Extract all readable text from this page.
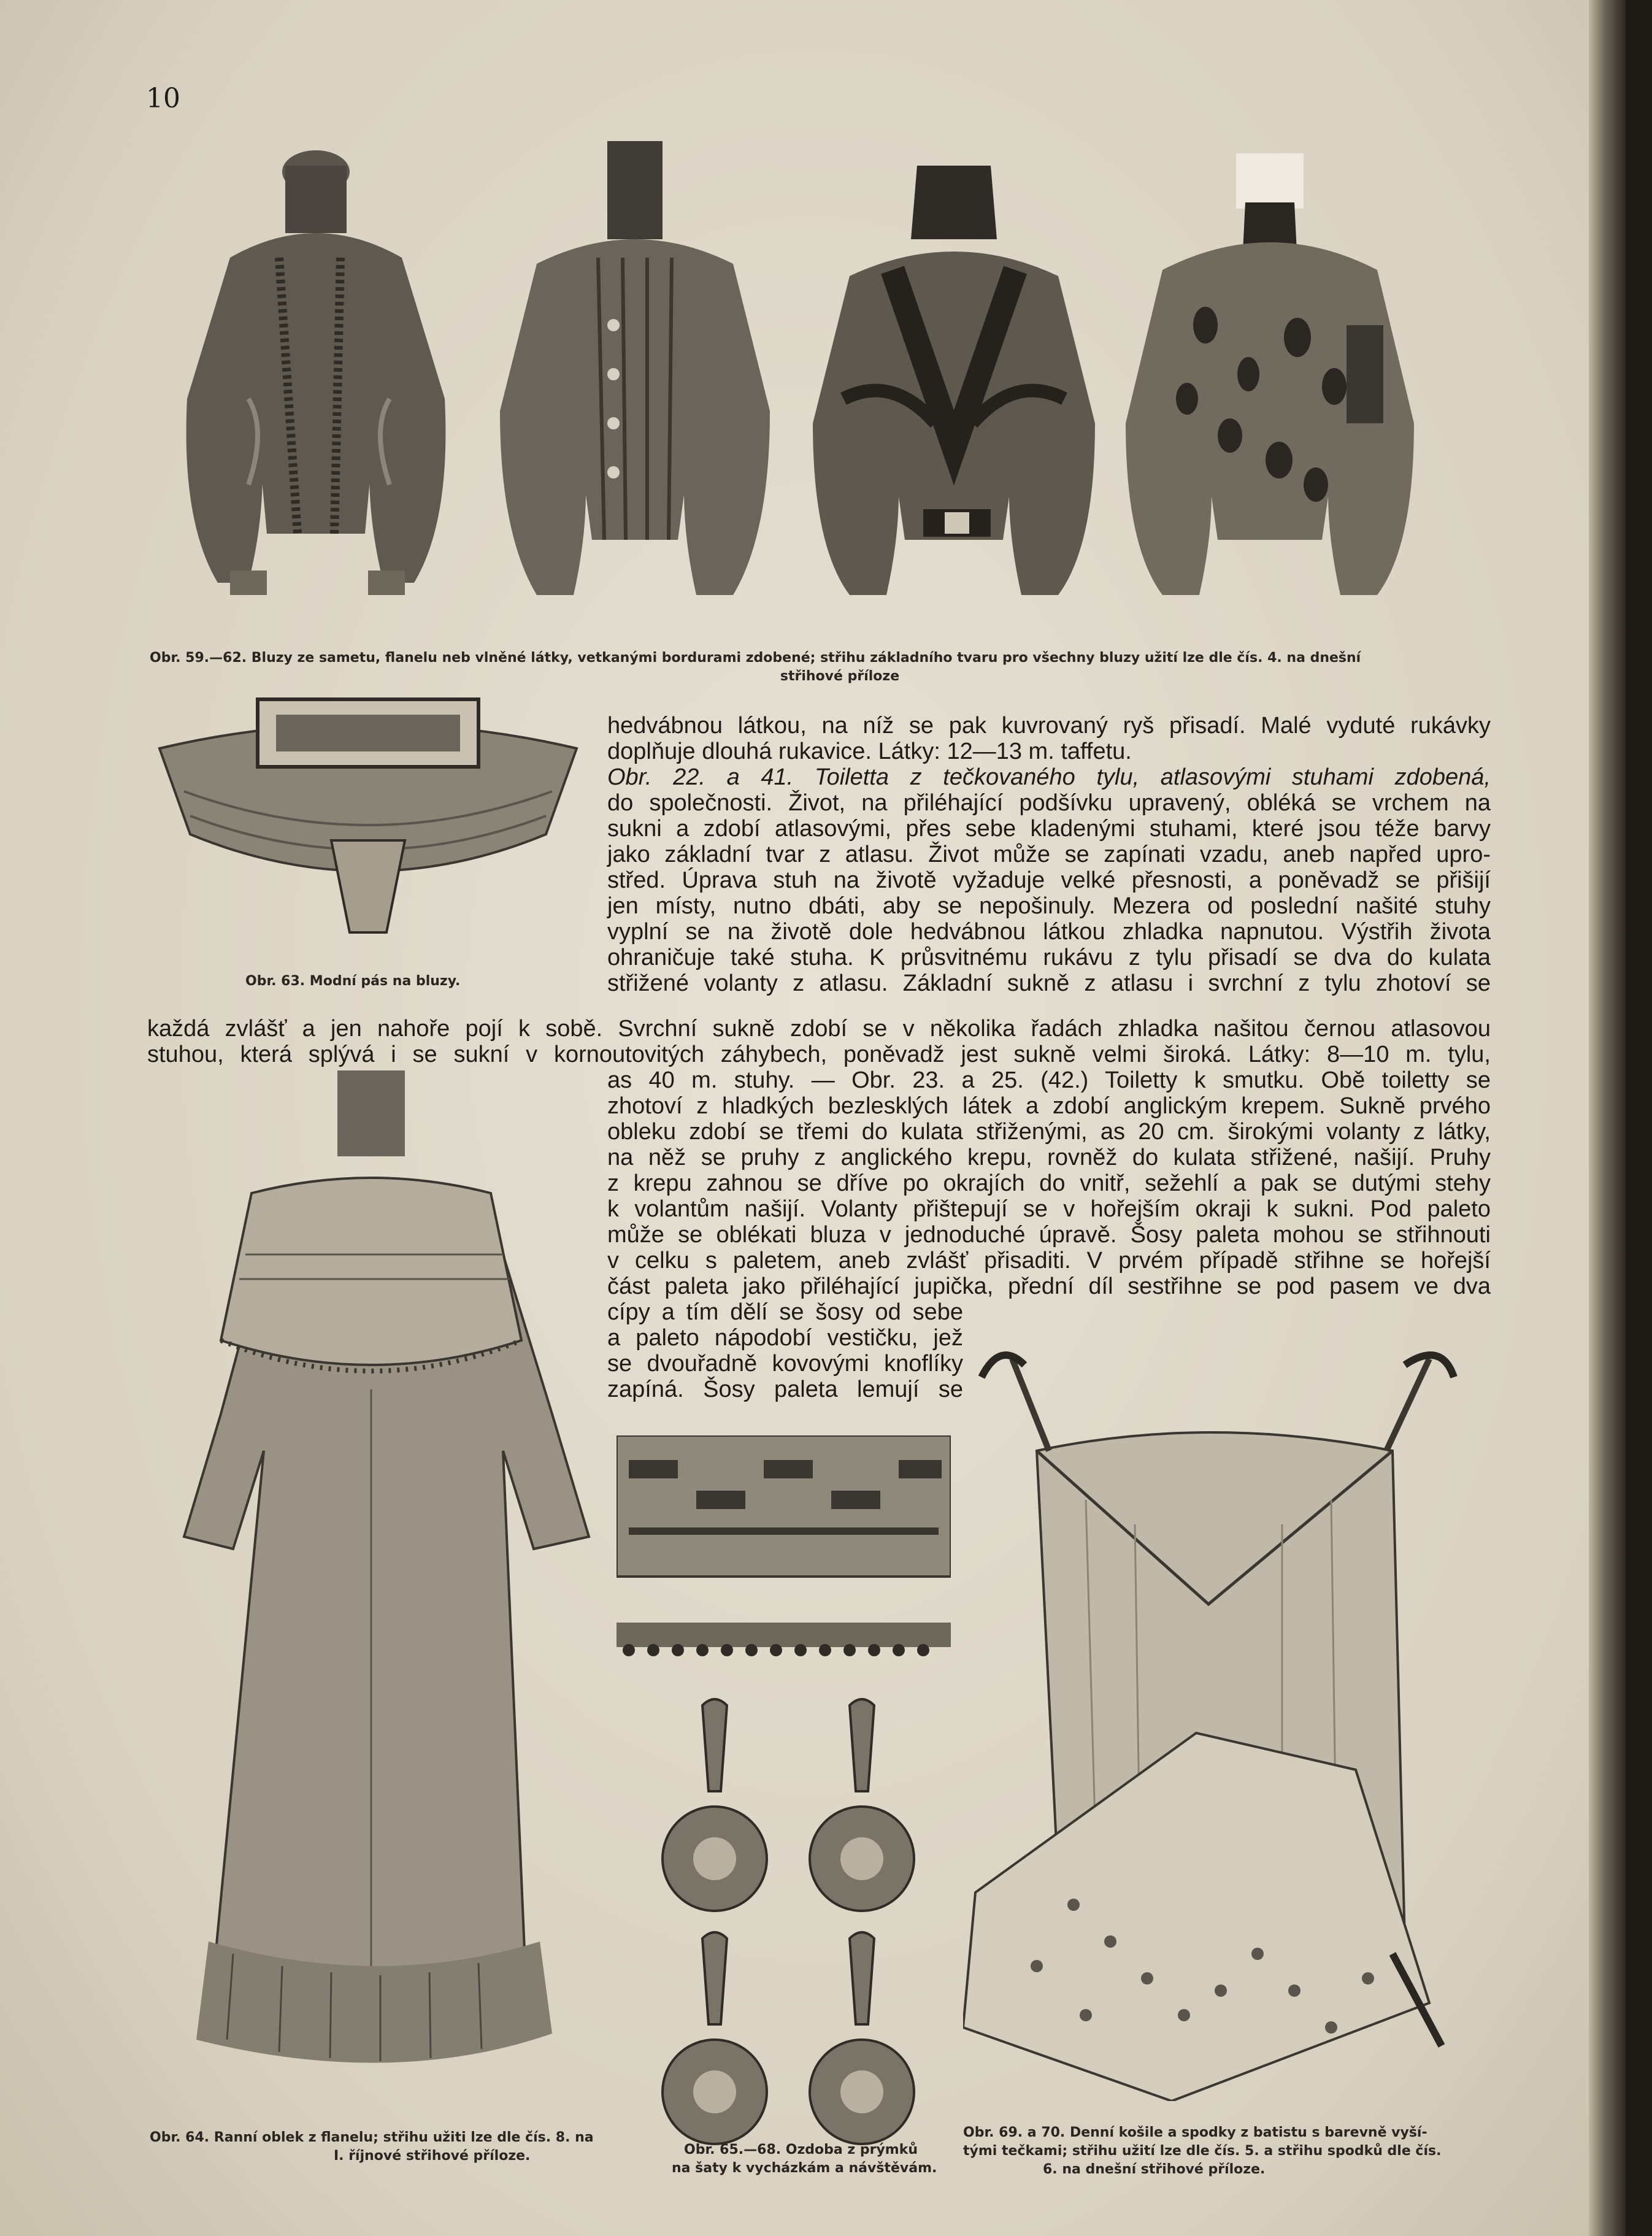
10
Obr. 59.—62. Bluzy ze sametu, flanelu neb vlněné látky, vetkanými bordurami zdobené; střihu základního tvaru pro všechny bluzy užití lze dle čís. 4. na dnešní
střihové příloze
Obr. 63. Modní pás na bluzy.
hedvábnou látkou, na níž se pak kuvrovaný ryš přisadí. Malé vyduté rukávky
doplňuje dlouhá rukavice. Látky: 12—13 m. taffetu.
Obr. 22. a 41. Toiletta z tečkovaného tylu, atlasovými stuhami zdobená,
do společnosti. Život, na přiléhající podšívku upravený, obléká se vrchem na
sukni a zdobí atlasovými, přes sebe kladenými stuhami, které jsou téže barvy
jako základní tvar z atlasu. Život může se zapínati vzadu, aneb napřed upro-
střed. Úprava stuh na životě vyžaduje velké přesnosti, a poněvadž se přišijí
jen místy, nutno dbáti, aby se nepošinuly. Mezera od poslední našité stuhy
vyplní se na životě dole hedvábnou látkou zhladka napnutou. Výstřih života
ohraničuje také stuha. K průsvitnému rukávu z tylu přisadí se dva do kulata
střižené volanty z atlasu. Základní sukně z atlasu i svrchní z tylu zhotoví se
každá zvlášť a jen nahoře pojí k sobě. Svrchní sukně zdobí se v několika řadách zhladka našitou černou atlasovou
stuhou, která splývá i se sukní v kornoutovitých záhybech, poněvadž jest sukně velmi široká. Látky: 8—10 m. tylu,
as 40 m. stuhy. — Obr. 23. a 25. (42.) Toiletty k smutku. Obě toiletty se
zhotoví z hladkých bezlesklých látek a zdobí anglickým krepem. Sukně prvého
obleku zdobí se třemi do kulata střiženými, as 20 cm. širokými volanty z látky,
na něž se pruhy z anglického krepu, rovněž do kulata střižené, našijí. Pruhy
z krepu zahnou se dříve po okrajích do vnitř, sežehlí a pak se dutými stehy
k volantům našijí. Volanty přištepují se v hořejším okraji k sukni. Pod paleto
může se oblékati bluza v jednoduché úpravě. Šosy paleta mohou se střihnouti
v celku s paletem, aneb zvlášť přisaditi. V prvém případě střihne se hořejší
část paleta jako přiléhající jupička, přední díl sestřihne se pod pasem ve dva
cípy a tím dělí se šosy od sebe
a paleto nápodobí vestičku, jež
se dvouřadně kovovými knoflíky
zapíná. Šosy paleta lemují se
Obr. 64. Ranní oblek z flanelu; střihu užiti lze dle čís. 8. na
I. říjnové střihové příloze.	Obr. 65.—68. Ozdoba z prýmků
na šaty k vycházkám a návštěvám.
Obr. 69. a 70. Denní košile a spodky z batistu s barevně vyší-
tými tečkami; střihu užití lze dle čís. 5. a střihu spodků dle čís.
6. na dnešní střihové příloze.
